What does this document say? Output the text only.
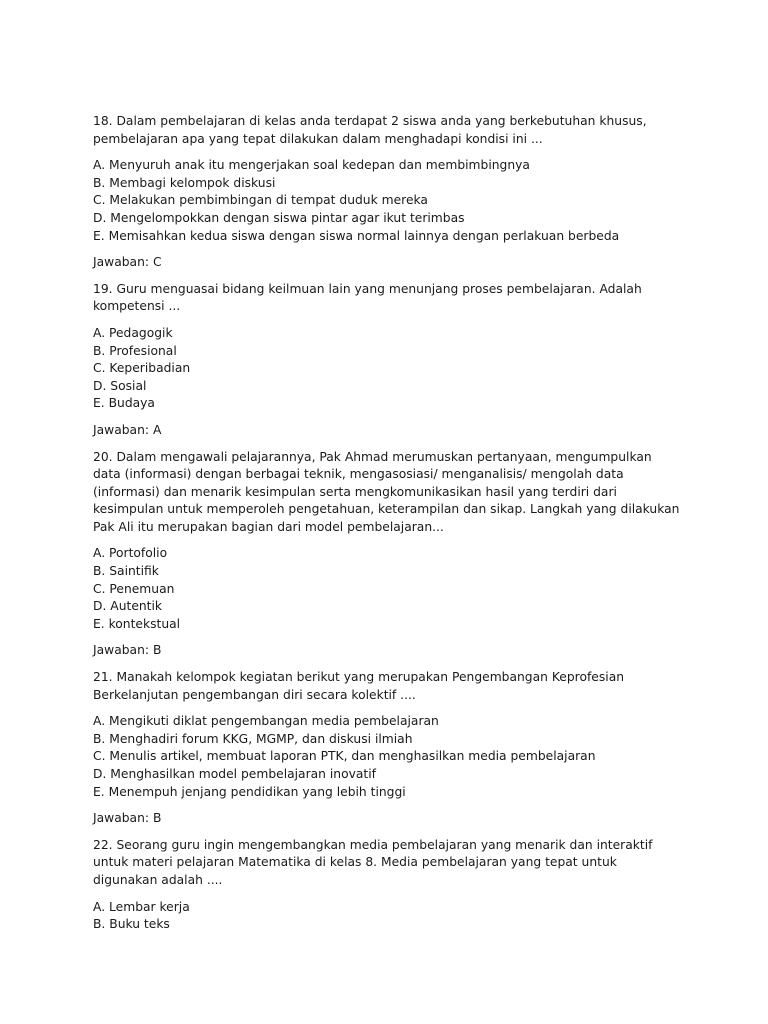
18. Dalam pembelajaran di kelas anda terdapat 2 siswa anda yang berkebutuhan khusus, pembelajaran apa yang tepat dilakukan dalam menghadapi kondisi ini ...

A. Menyuruh anak itu mengerjakan soal kedepan dan membimbingnya
B. Membagi kelompok diskusi
C. Melakukan pembimbingan di tempat duduk mereka
D. Mengelompokkan dengan siswa pintar agar ikut terimbas
E. Memisahkan kedua siswa dengan siswa normal lainnya dengan perlakuan berbeda

Jawaban: C

19. Guru menguasai bidang keilmuan lain yang menunjang proses pembelajaran. Adalah kompetensi ...

A. Pedagogik
B. Profesional
C. Keperibadian
D. Sosial
E. Budaya

Jawaban: A

20. Dalam mengawali pelajarannya, Pak Ahmad merumuskan pertanyaan, mengumpulkan data (informasi) dengan berbagai teknik, mengasosiasi/ menganalisis/ mengolah data (informasi) dan menarik kesimpulan serta mengkomunikasikan hasil yang terdiri dari kesimpulan untuk memperoleh pengetahuan, keterampilan dan sikap. Langkah yang dilakukan Pak Ali itu merupakan bagian dari model pembelajaran...

A. Portofolio
B. Saintifik
C. Penemuan
D. Autentik
E. kontekstual

Jawaban: B

21. Manakah kelompok kegiatan berikut yang merupakan Pengembangan Keprofesian Berkelanjutan pengembangan diri secara kolektif ....

A. Mengikuti diklat pengembangan media pembelajaran
B. Menghadiri forum KKG, MGMP, dan diskusi ilmiah
C. Menulis artikel, membuat laporan PTK, dan menghasilkan media pembelajaran
D. Menghasilkan model pembelajaran inovatif
E. Menempuh jenjang pendidikan yang lebih tinggi

Jawaban: B

22. Seorang guru ingin mengembangkan media pembelajaran yang menarik dan interaktif untuk materi pelajaran Matematika di kelas 8. Media pembelajaran yang tepat untuk digunakan adalah ....

A. Lembar kerja
B. Buku teks
